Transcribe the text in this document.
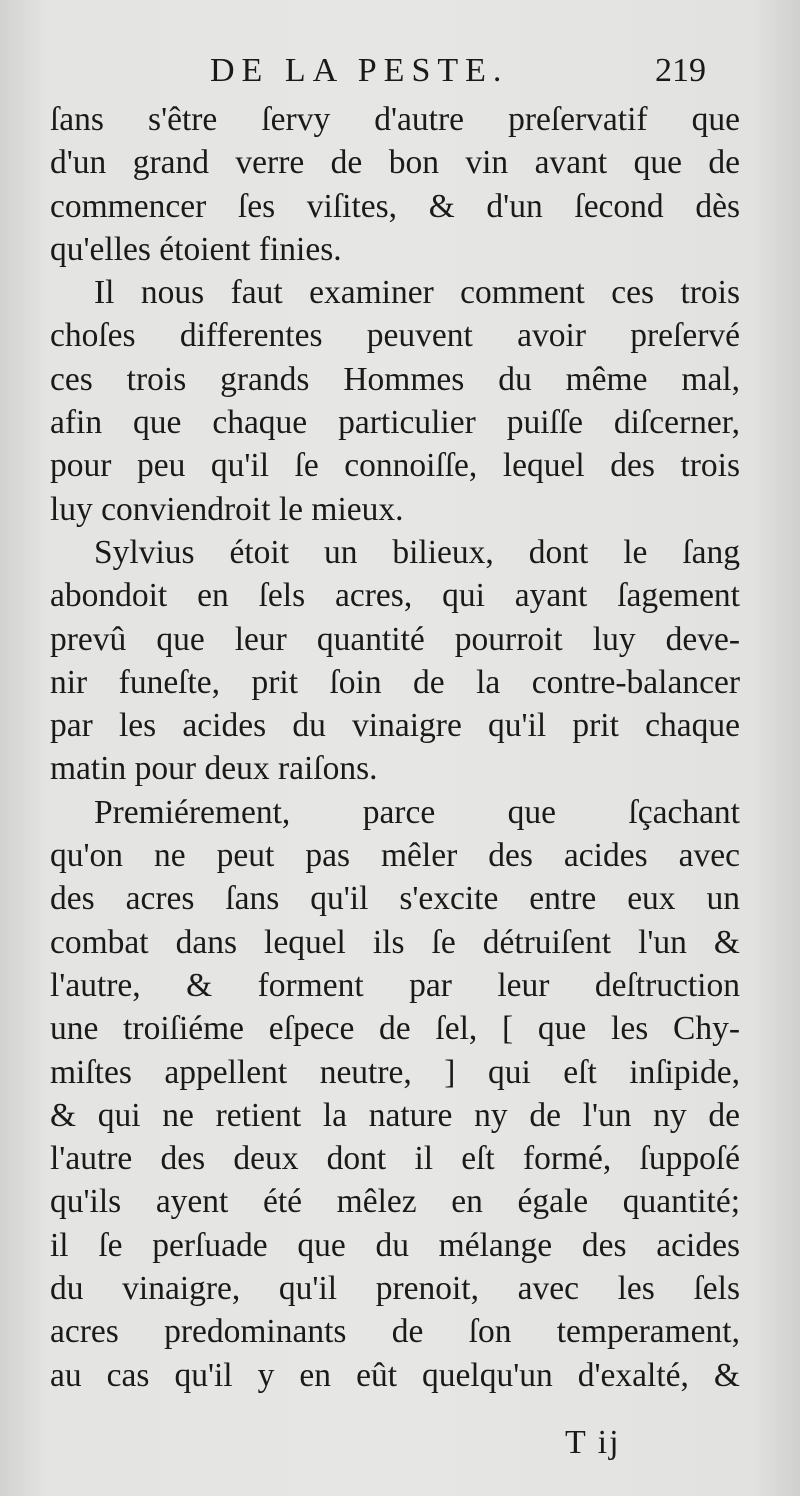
DE LA PESTE.	219
ſans s'être ſervy d'autre preſervatif que
d'un grand verre de bon vin avant que de
commencer ſes viſites, & d'un ſecond dès
qu'elles étoient finies.
Il nous faut examiner comment ces trois
choſes differentes peuvent avoir preſervé
ces trois grands Hommes du même mal,
afin que chaque particulier puiſſe diſcerner,
pour peu qu'il ſe connoiſſe, lequel des trois
luy conviendroit le mieux.
Sylvius étoit un bilieux, dont le ſang
abondoit en ſels acres, qui ayant ſagement
prevû que leur quantité pourroit luy deve-
nir funeſte, prit ſoin de la contre-balancer
par les acides du vinaigre qu'il prit chaque
matin pour deux raiſons.
Premiérement, parce que ſçachant
qu'on ne peut pas mêler des acides avec
des acres ſans qu'il s'excite entre eux un
combat dans lequel ils ſe détruiſent l'un &
l'autre, & forment par leur deſtruction
une troiſiéme eſpece de ſel, [ que les Chy-
miſtes appellent neutre, ] qui eſt inſipide,
& qui ne retient la nature ny de l'un ny de
l'autre des deux dont il eſt formé, ſuppoſé
qu'ils ayent été mêlez en égale quantité;
il ſe perſuade que du mélange des acides
du vinaigre, qu'il prenoit, avec les ſels
acres predominants de ſon temperament,
au cas qu'il y en eût quelqu'un d'exalté, &
T ij
